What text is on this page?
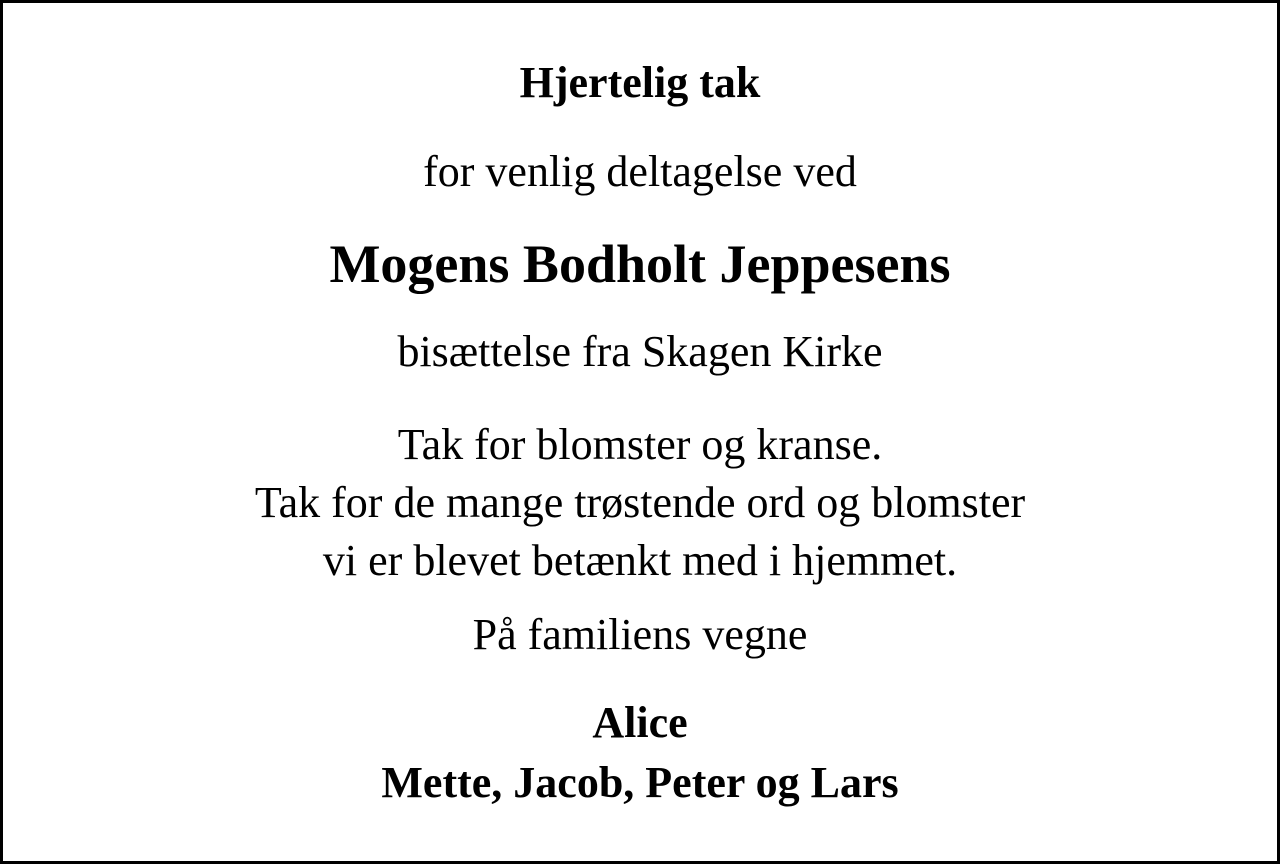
Hjertelig tak
for venlig deltagelse ved
Mogens Bodholt Jeppesens
bisættelse fra Skagen Kirke
Tak for blomster og kranse.
Tak for de mange trøstende ord og blomster
vi er blevet betænkt med i hjemmet.
På familiens vegne
Alice
Mette, Jacob, Peter og Lars
